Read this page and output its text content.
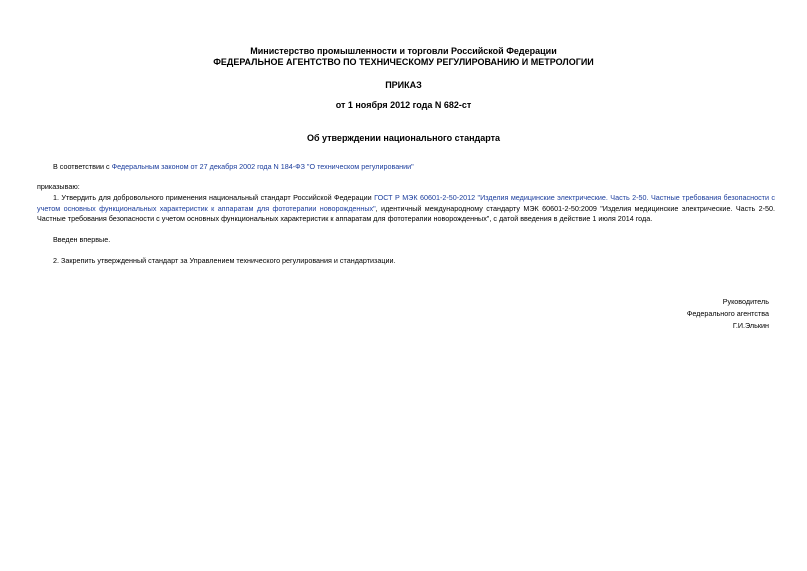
Министерство промышленности и торговли Российской Федерации
ФЕДЕРАЛЬНОЕ АГЕНТСТВО ПО ТЕХНИЧЕСКОМУ РЕГУЛИРОВАНИЮ И МЕТРОЛОГИИ
ПРИКАЗ
от 1 ноября 2012 года N 682-ст
Об утверждении национального стандарта
В соответствии с Федеральным законом от 27 декабря 2002 года N 184-ФЗ "О техническом регулировании"
приказываю:
1. Утвердить для добровольного применения национальный стандарт Российской Федерации ГОСТ Р МЭК 60601-2-50-2012 "Изделия медицинские электрические. Часть 2-50. Частные требования безопасности с учетом основных функциональных характеристик к аппаратам для фототерапии новорожденных", идентичный международному стандарту МЭК 60601-2-50:2009 "Изделия медицинские электрические. Часть 2-50. Частные требования безопасности с учетом основных функциональных характеристик к аппаратам для фототерапии новорожденных", с датой введения в действие 1 июля 2014 года.
Введен впервые.
2. Закрепить утвержденный стандарт за Управлением технического регулирования и стандартизации.
Руководитель
Федерального агентства
Г.И.Элькин
